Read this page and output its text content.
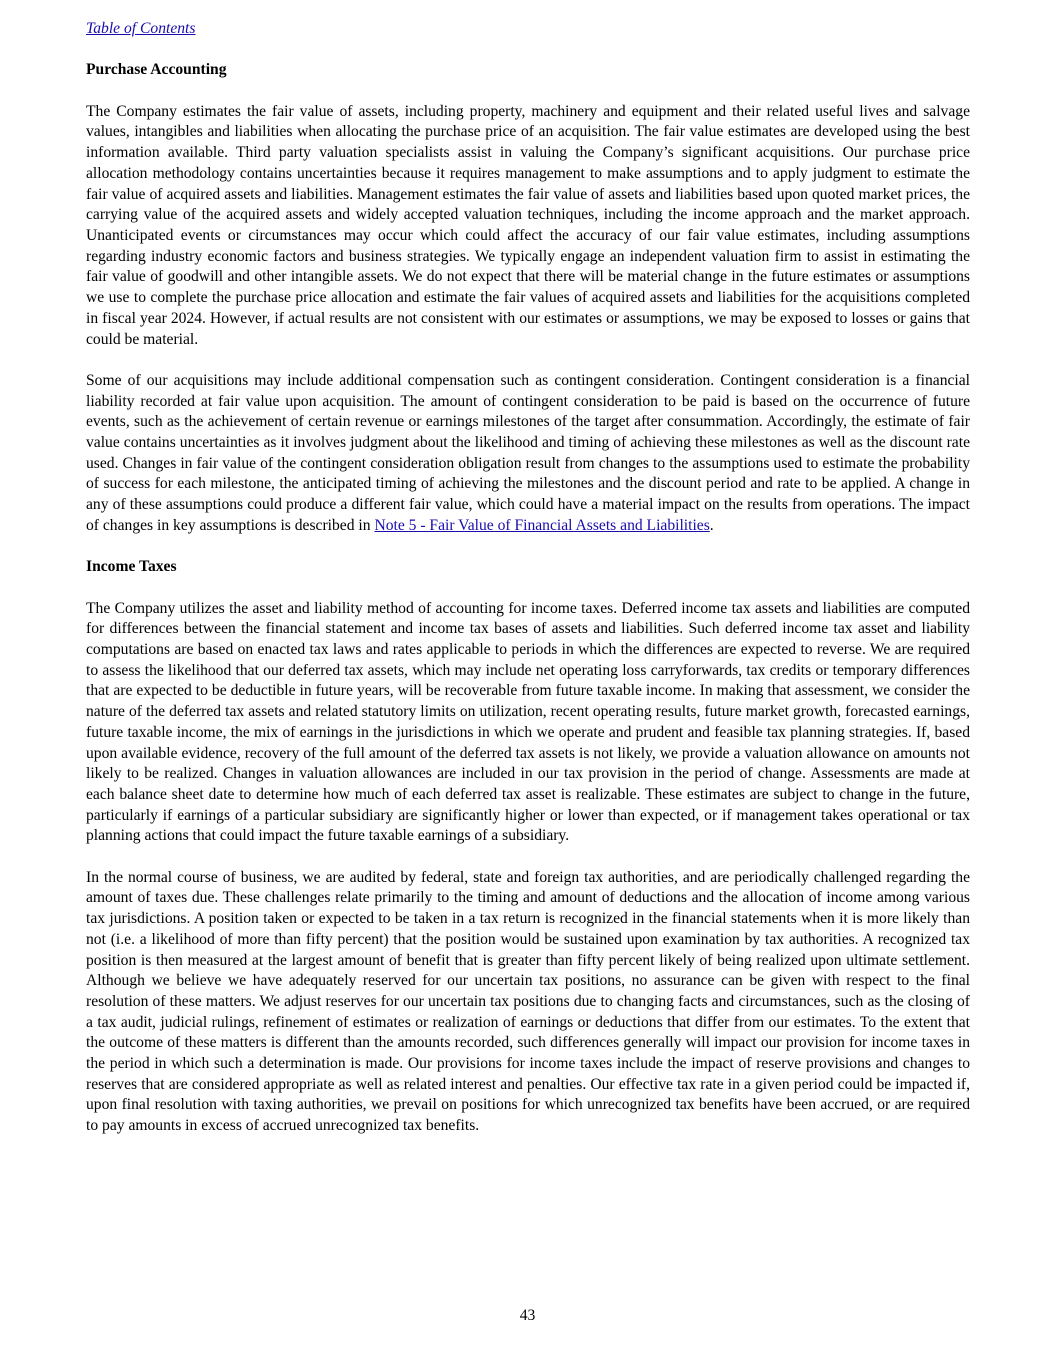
Table of Contents

Purchase Accounting

The Company estimates the fair value of assets, including property, machinery and equipment and their related useful lives and salvage values, intangibles and liabilities when allocating the purchase price of an acquisition. The fair value estimates are developed using the best information available. Third party valuation specialists assist in valuing the Company’s significant acquisitions. Our purchase price allocation methodology contains uncertainties because it requires management to make assumptions and to apply judgment to estimate the fair value of acquired assets and liabilities. Management estimates the fair value of assets and liabilities based upon quoted market prices, the carrying value of the acquired assets and widely accepted valuation techniques, including the income approach and the market approach. Unanticipated events or circumstances may occur which could affect the accuracy of our fair value estimates, including assumptions regarding industry economic factors and business strategies. We typically engage an independent valuation firm to assist in estimating the fair value of goodwill and other intangible assets. We do not expect that there will be material change in the future estimates or assumptions we use to complete the purchase price allocation and estimate the fair values of acquired assets and liabilities for the acquisitions completed in fiscal year 2024. However, if actual results are not consistent with our estimates or assumptions, we may be exposed to losses or gains that could be material.

Some of our acquisitions may include additional compensation such as contingent consideration. Contingent consideration is a financial liability recorded at fair value upon acquisition. The amount of contingent consideration to be paid is based on the occurrence of future events, such as the achievement of certain revenue or earnings milestones of the target after consummation. Accordingly, the estimate of fair value contains uncertainties as it involves judgment about the likelihood and timing of achieving these milestones as well as the discount rate used. Changes in fair value of the contingent consideration obligation result from changes to the assumptions used to estimate the probability of success for each milestone, the anticipated timing of achieving the milestones and the discount period and rate to be applied. A change in any of these assumptions could produce a different fair value, which could have a material impact on the results from operations. The impact of changes in key assumptions is described in Note 5 - Fair Value of Financial Assets and Liabilities.

Income Taxes

The Company utilizes the asset and liability method of accounting for income taxes. Deferred income tax assets and liabilities are computed for differences between the financial statement and income tax bases of assets and liabilities. Such deferred income tax asset and liability computations are based on enacted tax laws and rates applicable to periods in which the differences are expected to reverse. We are required to assess the likelihood that our deferred tax assets, which may include net operating loss carryforwards, tax credits or temporary differences that are expected to be deductible in future years, will be recoverable from future taxable income. In making that assessment, we consider the nature of the deferred tax assets and related statutory limits on utilization, recent operating results, future market growth, forecasted earnings, future taxable income, the mix of earnings in the jurisdictions in which we operate and prudent and feasible tax planning strategies. If, based upon available evidence, recovery of the full amount of the deferred tax assets is not likely, we provide a valuation allowance on amounts not likely to be realized. Changes in valuation allowances are included in our tax provision in the period of change. Assessments are made at each balance sheet date to determine how much of each deferred tax asset is realizable. These estimates are subject to change in the future, particularly if earnings of a particular subsidiary are significantly higher or lower than expected, or if management takes operational or tax planning actions that could impact the future taxable earnings of a subsidiary.

In the normal course of business, we are audited by federal, state and foreign tax authorities, and are periodically challenged regarding the amount of taxes due. These challenges relate primarily to the timing and amount of deductions and the allocation of income among various tax jurisdictions. A position taken or expected to be taken in a tax return is recognized in the financial statements when it is more likely than not (i.e. a likelihood of more than fifty percent) that the position would be sustained upon examination by tax authorities. A recognized tax position is then measured at the largest amount of benefit that is greater than fifty percent likely of being realized upon ultimate settlement. Although we believe we have adequately reserved for our uncertain tax positions, no assurance can be given with respect to the final resolution of these matters. We adjust reserves for our uncertain tax positions due to changing facts and circumstances, such as the closing of a tax audit, judicial rulings, refinement of estimates or realization of earnings or deductions that differ from our estimates. To the extent that the outcome of these matters is different than the amounts recorded, such differences generally will impact our provision for income taxes in the period in which such a determination is made. Our provisions for income taxes include the impact of reserve provisions and changes to reserves that are considered appropriate as well as related interest and penalties. Our effective tax rate in a given period could be impacted if, upon final resolution with taxing authorities, we prevail on positions for which unrecognized tax benefits have been accrued, or are required to pay amounts in excess of accrued unrecognized tax benefits.

43
